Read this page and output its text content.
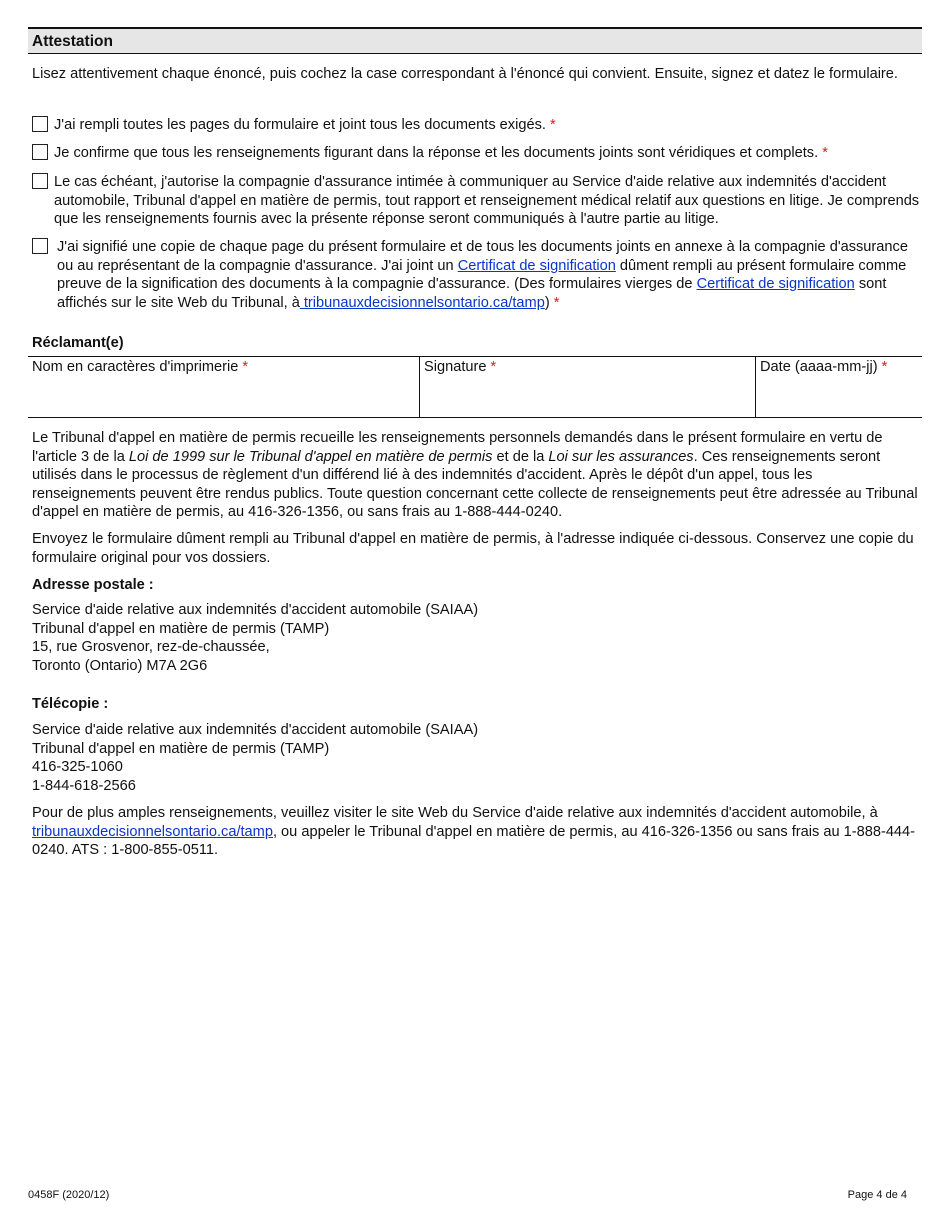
Attestation
Lisez attentivement chaque énoncé, puis cochez la case correspondant à l'énoncé qui convient. Ensuite, signez et datez le formulaire.
J'ai rempli toutes les pages du formulaire et joint tous les documents exigés. *
Je confirme que tous les renseignements figurant dans la réponse et les documents joints sont véridiques et complets. *
Le cas échéant, j'autorise la compagnie d'assurance intimée à communiquer au Service d'aide relative aux indemnités d'accident automobile, Tribunal d'appel en matière de permis, tout rapport et renseignement médical relatif aux questions en litige. Je comprends que les renseignements fournis avec la présente réponse seront communiqués à l'autre partie au litige.
J'ai signifié une copie de chaque page du présent formulaire et de tous les documents joints en annexe à la compagnie d'assurance ou au représentant de la compagnie d'assurance. J'ai joint un Certificat de signification dûment rempli au présent formulaire comme preuve de la signification des documents à la compagnie d'assurance. (Des formulaires vierges de Certificat de signification sont affichés sur le site Web du Tribunal, à tribunauxdecisionnelsontario.ca/tamp) *
Réclamant(e)
Nom en caractères d'imprimerie *	Signature *	Date (aaaa-mm-jj) *
Le Tribunal d'appel en matière de permis recueille les renseignements personnels demandés dans le présent formulaire en vertu de l'article 3 de la Loi de 1999 sur le Tribunal d'appel en matière de permis et de la Loi sur les assurances. Ces renseignements seront utilisés dans le processus de règlement d'un différend lié à des indemnités d'accident. Après le dépôt d'un appel, tous les renseignements peuvent être rendus publics. Toute question concernant cette collecte de renseignements peut être adressée au Tribunal d'appel en matière de permis, au 416-326-1356, ou sans frais au 1-888-444-0240.
Envoyez le formulaire dûment rempli au Tribunal d'appel en matière de permis, à l'adresse indiquée ci-dessous. Conservez une copie du formulaire original pour vos dossiers.
Adresse postale :
Service d'aide relative aux indemnités d'accident automobile (SAIAA)
Tribunal d'appel en matière de permis (TAMP)
15, rue Grosvenor, rez-de-chaussée,
Toronto (Ontario) M7A 2G6
Télécopie :
Service d'aide relative aux indemnités d'accident automobile (SAIAA)
Tribunal d'appel en matière de permis (TAMP)
416-325-1060
1-844-618-2566
Pour de plus amples renseignements, veuillez visiter le site Web du Service d'aide relative aux indemnités d'accident automobile, à tribunauxdecisionnelsontario.ca/tamp, ou appeler le Tribunal d'appel en matière de permis, au 416-326-1356 ou sans frais au 1-888-444-0240. ATS : 1-800-855-0511.
0458F (2020/12)	Page 4 de 4
